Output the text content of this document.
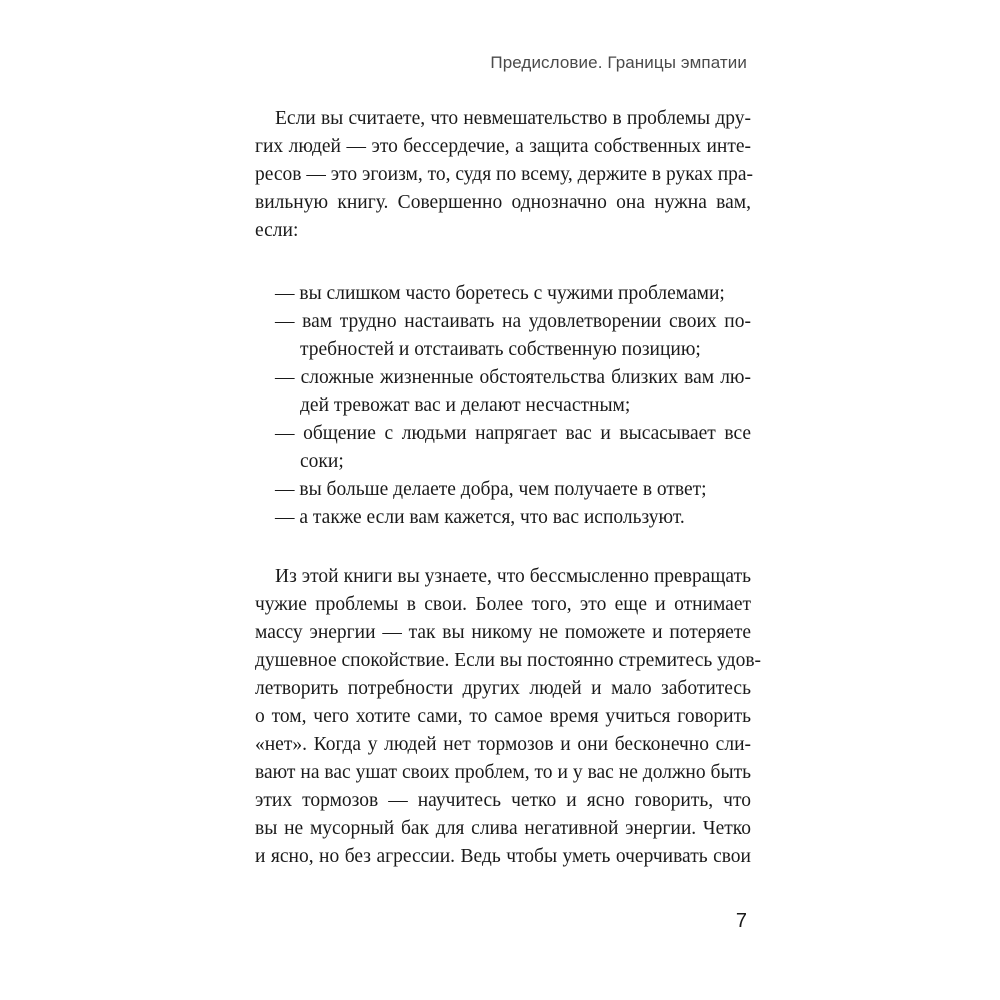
Предисловие. Границы эмпатии
Если вы считаете, что невмешательство в проблемы дру-
гих людей — это бессердечие, а защита собственных инте-
ресов — это эгоизм, то, судя по всему, держите в руках пра-
вильную книгу. Совершенно однозначно она нужна вам,
если:
— вы слишком часто боретесь с чужими проблемами;
— вам трудно настаивать на удовлетворении своих по-
требностей и отстаивать собственную позицию;
— сложные жизненные обстоятельства близких вам лю-
дей тревожат вас и делают несчастным;
— общение с людьми напрягает вас и высасывает все
соки;
— вы больше делаете добра, чем получаете в ответ;
— а также если вам кажется, что вас используют.
Из этой книги вы узнаете, что бессмысленно превращать
чужие проблемы в свои. Более того, это еще и отнимает
массу энергии — так вы никому не поможете и потеряете
душевное спокойствие. Если вы постоянно стремитесь удов-
летворить потребности других людей и мало заботитесь
о том, чего хотите сами, то самое время учиться говорить
«нет». Когда у людей нет тормозов и они бесконечно сли-
вают на вас ушат своих проблем, то и у вас не должно быть
этих тормозов — научитесь четко и ясно говорить, что
вы не мусорный бак для слива негативной энергии. Четко
и ясно, но без агрессии. Ведь чтобы уметь очерчивать свои
7
